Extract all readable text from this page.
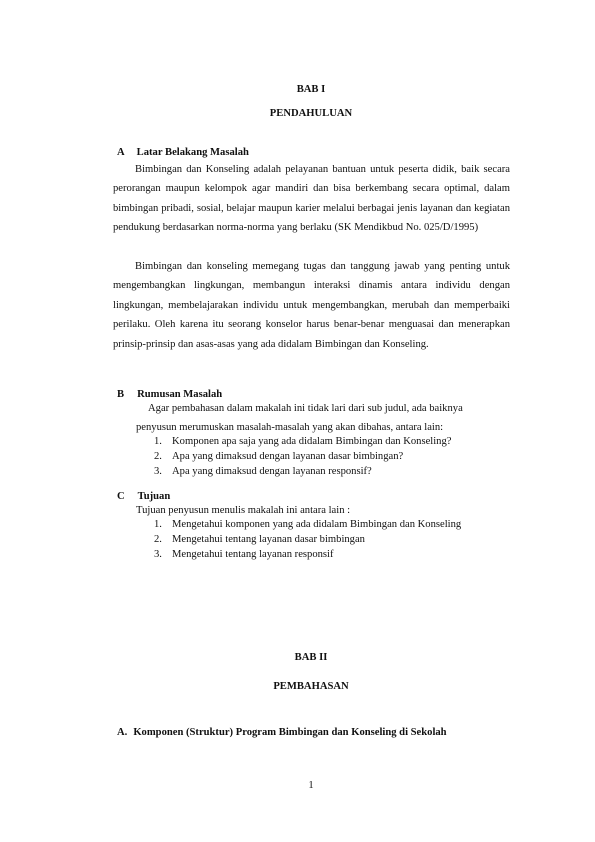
BAB I

PENDAHULUAN

A Latar Belakang Masalah

Bimbingan dan Konseling adalah pelayanan bantuan untuk peserta didik, baik secara perorangan maupun kelompok agar mandiri dan bisa berkembang secara optimal, dalam bimbingan pribadi, sosial, belajar maupun karier melalui berbagai jenis layanan dan kegiatan pendukung berdasarkan norma-norma yang berlaku (SK Mendikbud No. 025/D/1995)

Bimbingan dan konseling memegang tugas dan tanggung jawab yang penting untuk mengembangkan lingkungan, membangun interaksi dinamis antara individu dengan lingkungan, membelajarakan individu untuk mengembangkan, merubah dan memperbaiki perilaku. Oleh karena itu seorang konselor harus benar-benar menguasai dan menerapkan prinsip-prinsip dan asas-asas yang ada didalam Bimbingan dan Konseling.

B Rumusan Masalah

Agar pembahasan dalam makalah ini tidak lari dari sub judul, ada baiknya

penyusun merumuskan masalah-masalah yang akan dibahas, antara lain:

1. Komponen apa saja yang ada didalam Bimbingan dan Konseling?

2. Apa yang dimaksud dengan layanan dasar bimbingan?

3. Apa yang dimaksud dengan layanan responsif?

C Tujuan

Tujuan penyusun menulis makalah ini antara lain :

1. Mengetahui komponen yang ada didalam Bimbingan dan Konseling

2. Mengetahui tentang layanan dasar bimbingan

3. Mengetahui tentang layanan responsif

BAB II

PEMBAHASAN

A. Komponen (Struktur) Program Bimbingan dan Konseling di Sekolah

1
